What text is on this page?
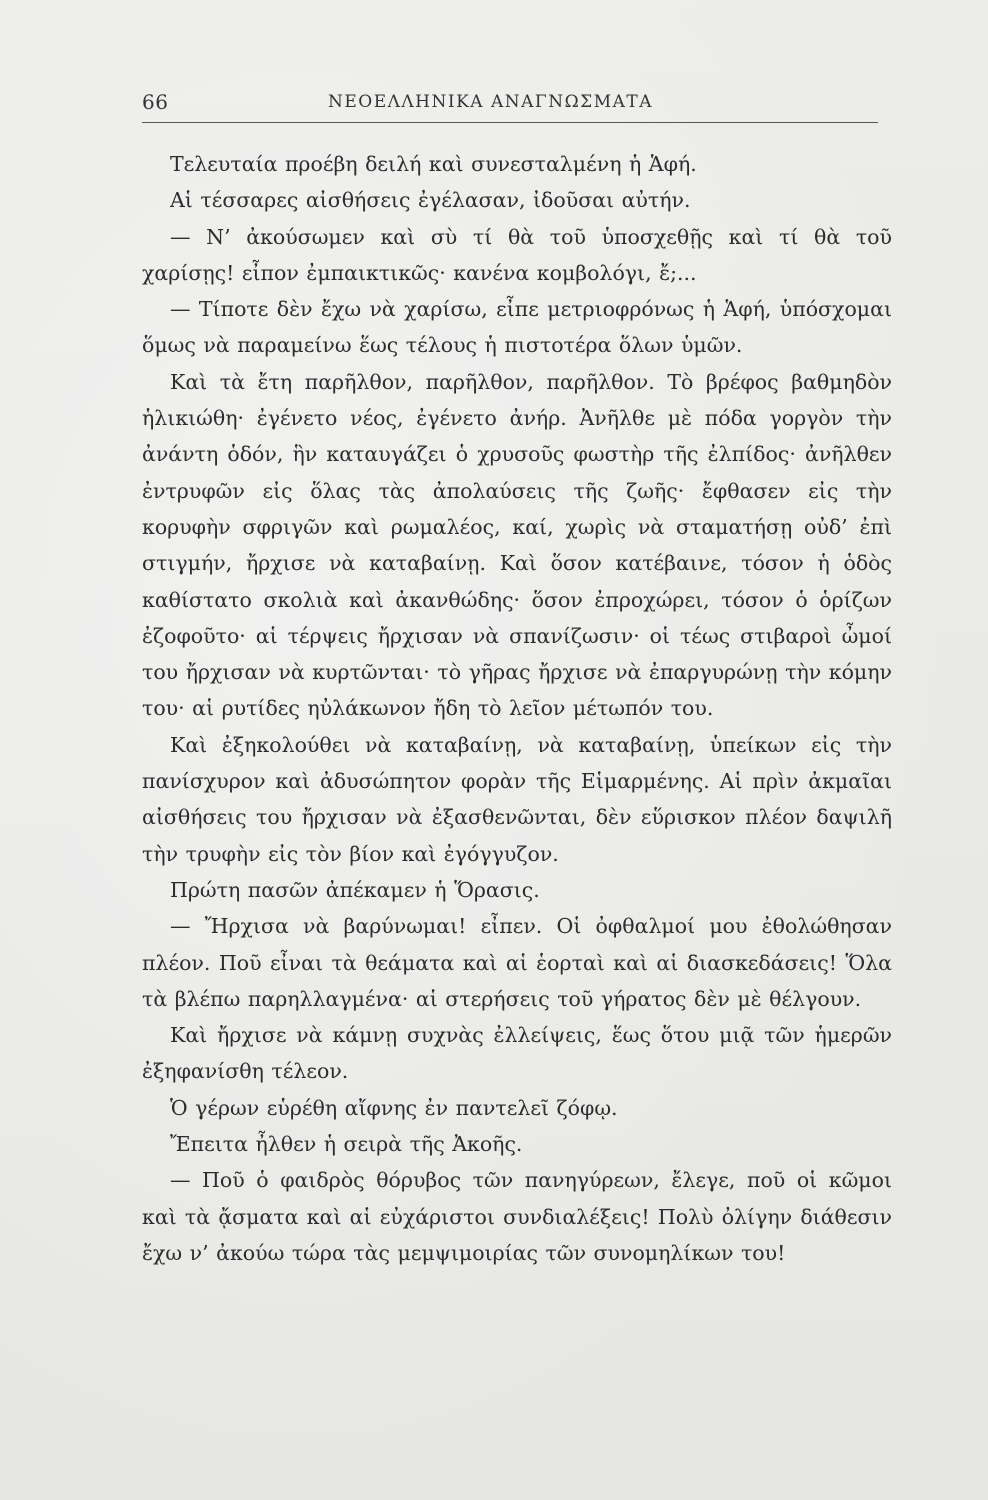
66	ΝΕΟΕΛΛΗΝΙΚΑ ΑΝΑΓΝΩΣΜΑΤΑ

Τελευταία προέβη δειλή καὶ συνεσταλμένη ἡ Ἁφή.

Αἱ τέσσαρες αἰσθήσεις ἐγέλασαν, ἰδοῦσαι αὐτήν.

— Ν’ ἀκούσωμεν καὶ σὺ τί θὰ τοῦ ὑποσχεθῇς καὶ τί θὰ τοῦ χαρίσῃς! εἶπον ἐμπαικτικῶς· κανένα κομβολόγι, ἔ;...

— Τίποτε δὲν ἔχω νὰ χαρίσω, εἶπε μετριοφρόνως ἡ Ἁφή, ὑπόσχομαι ὅμως νὰ παραμείνω ἕως τέλους ἡ πιστοτέρα ὅλων ὑμῶν.

Καὶ τὰ ἔτη παρῆλθον, παρῆλθον, παρῆλθον. Τὸ βρέφος βαθμηδὸν ἡλικιώθη· ἐγένετο νέος, ἐγένετο ἀνήρ. Ἀνῆλθε μὲ πόδα γοργὸν τὴν ἀνάντη ὁδόν, ἣν καταυγάζει ὁ χρυσοῦς φωστὴρ τῆς ἐλπίδος· ἀνῆλθεν ἐντρυφῶν εἰς ὅλας τὰς ἀπολαύσεις τῆς ζωῆς· ἔφθασεν εἰς τὴν κορυφὴν σφριγῶν καὶ ρωμαλέος, καί, χωρὶς νὰ σταματήσῃ οὐδ’ ἐπὶ στιγμήν, ἤρχισε νὰ καταβαίνῃ. Καὶ ὅσον κατέβαινε, τόσον ἡ ὁδὸς καθίστατο σκολιὰ καὶ ἀκανθώδης· ὅσον ἐπροχώρει, τόσον ὁ ὁρίζων ἐζοφοῦτο· αἱ τέρψεις ἤρχισαν νὰ σπανίζωσιν· οἱ τέως στιβαροὶ ὦμοί του ἤρχισαν νὰ κυρτῶνται· τὸ γῆρας ἤρχισε νὰ ἐπαργυρώνῃ τὴν κόμην του· αἱ ρυτίδες ηὐλάκωνον ἤδη τὸ λεῖον μέτωπόν του.

Καὶ ἐξηκολούθει νὰ καταβαίνῃ, νὰ καταβαίνῃ, ὑπείκων εἰς τὴν πανίσχυρον καὶ ἀδυσώπητον φορὰν τῆς Εἱμαρμένης. Αἱ πρὶν ἀκμαῖαι αἰσθήσεις του ἤρχισαν νὰ ἐξασθενῶνται, δὲν εὕρισκον πλέον δαψιλῆ τὴν τρυφὴν εἰς τὸν βίον καὶ ἐγόγγυζον.

Πρώτη πασῶν ἀπέκαμεν ἡ Ὅρασις.

— Ἤρχισα νὰ βαρύνωμαι! εἶπεν. Οἱ ὀφθαλμοί μου ἐθολώθησαν πλέον. Ποῦ εἶναι τὰ θεάματα καὶ αἱ ἑορταὶ καὶ αἱ διασκεδάσεις! Ὅλα τὰ βλέπω παρηλλαγμένα· αἱ στερήσεις τοῦ γήρατος δὲν μὲ θέλγουν.

Καὶ ἤρχισε νὰ κάμνῃ συχνὰς ἐλλείψεις, ἕως ὅτου μιᾷ τῶν ἡμερῶν ἐξηφανίσθη τέλεον.

Ὁ γέρων εὑρέθη αἴφνης ἐν παντελεῖ ζόφῳ.

Ἔπειτα ἦλθεν ἡ σειρὰ τῆς Ἀκοῆς.

— Ποῦ ὁ φαιδρὸς θόρυβος τῶν πανηγύρεων, ἔλεγε, ποῦ οἱ κῶμοι καὶ τὰ ᾄσματα καὶ αἱ εὐχάριστοι συνδιαλέξεις! Πολὺ ὀλίγην διάθεσιν ἔχω ν’ ἀκούω τώρα τὰς μεμψιμοιρίας τῶν συνομηλίκων του!
